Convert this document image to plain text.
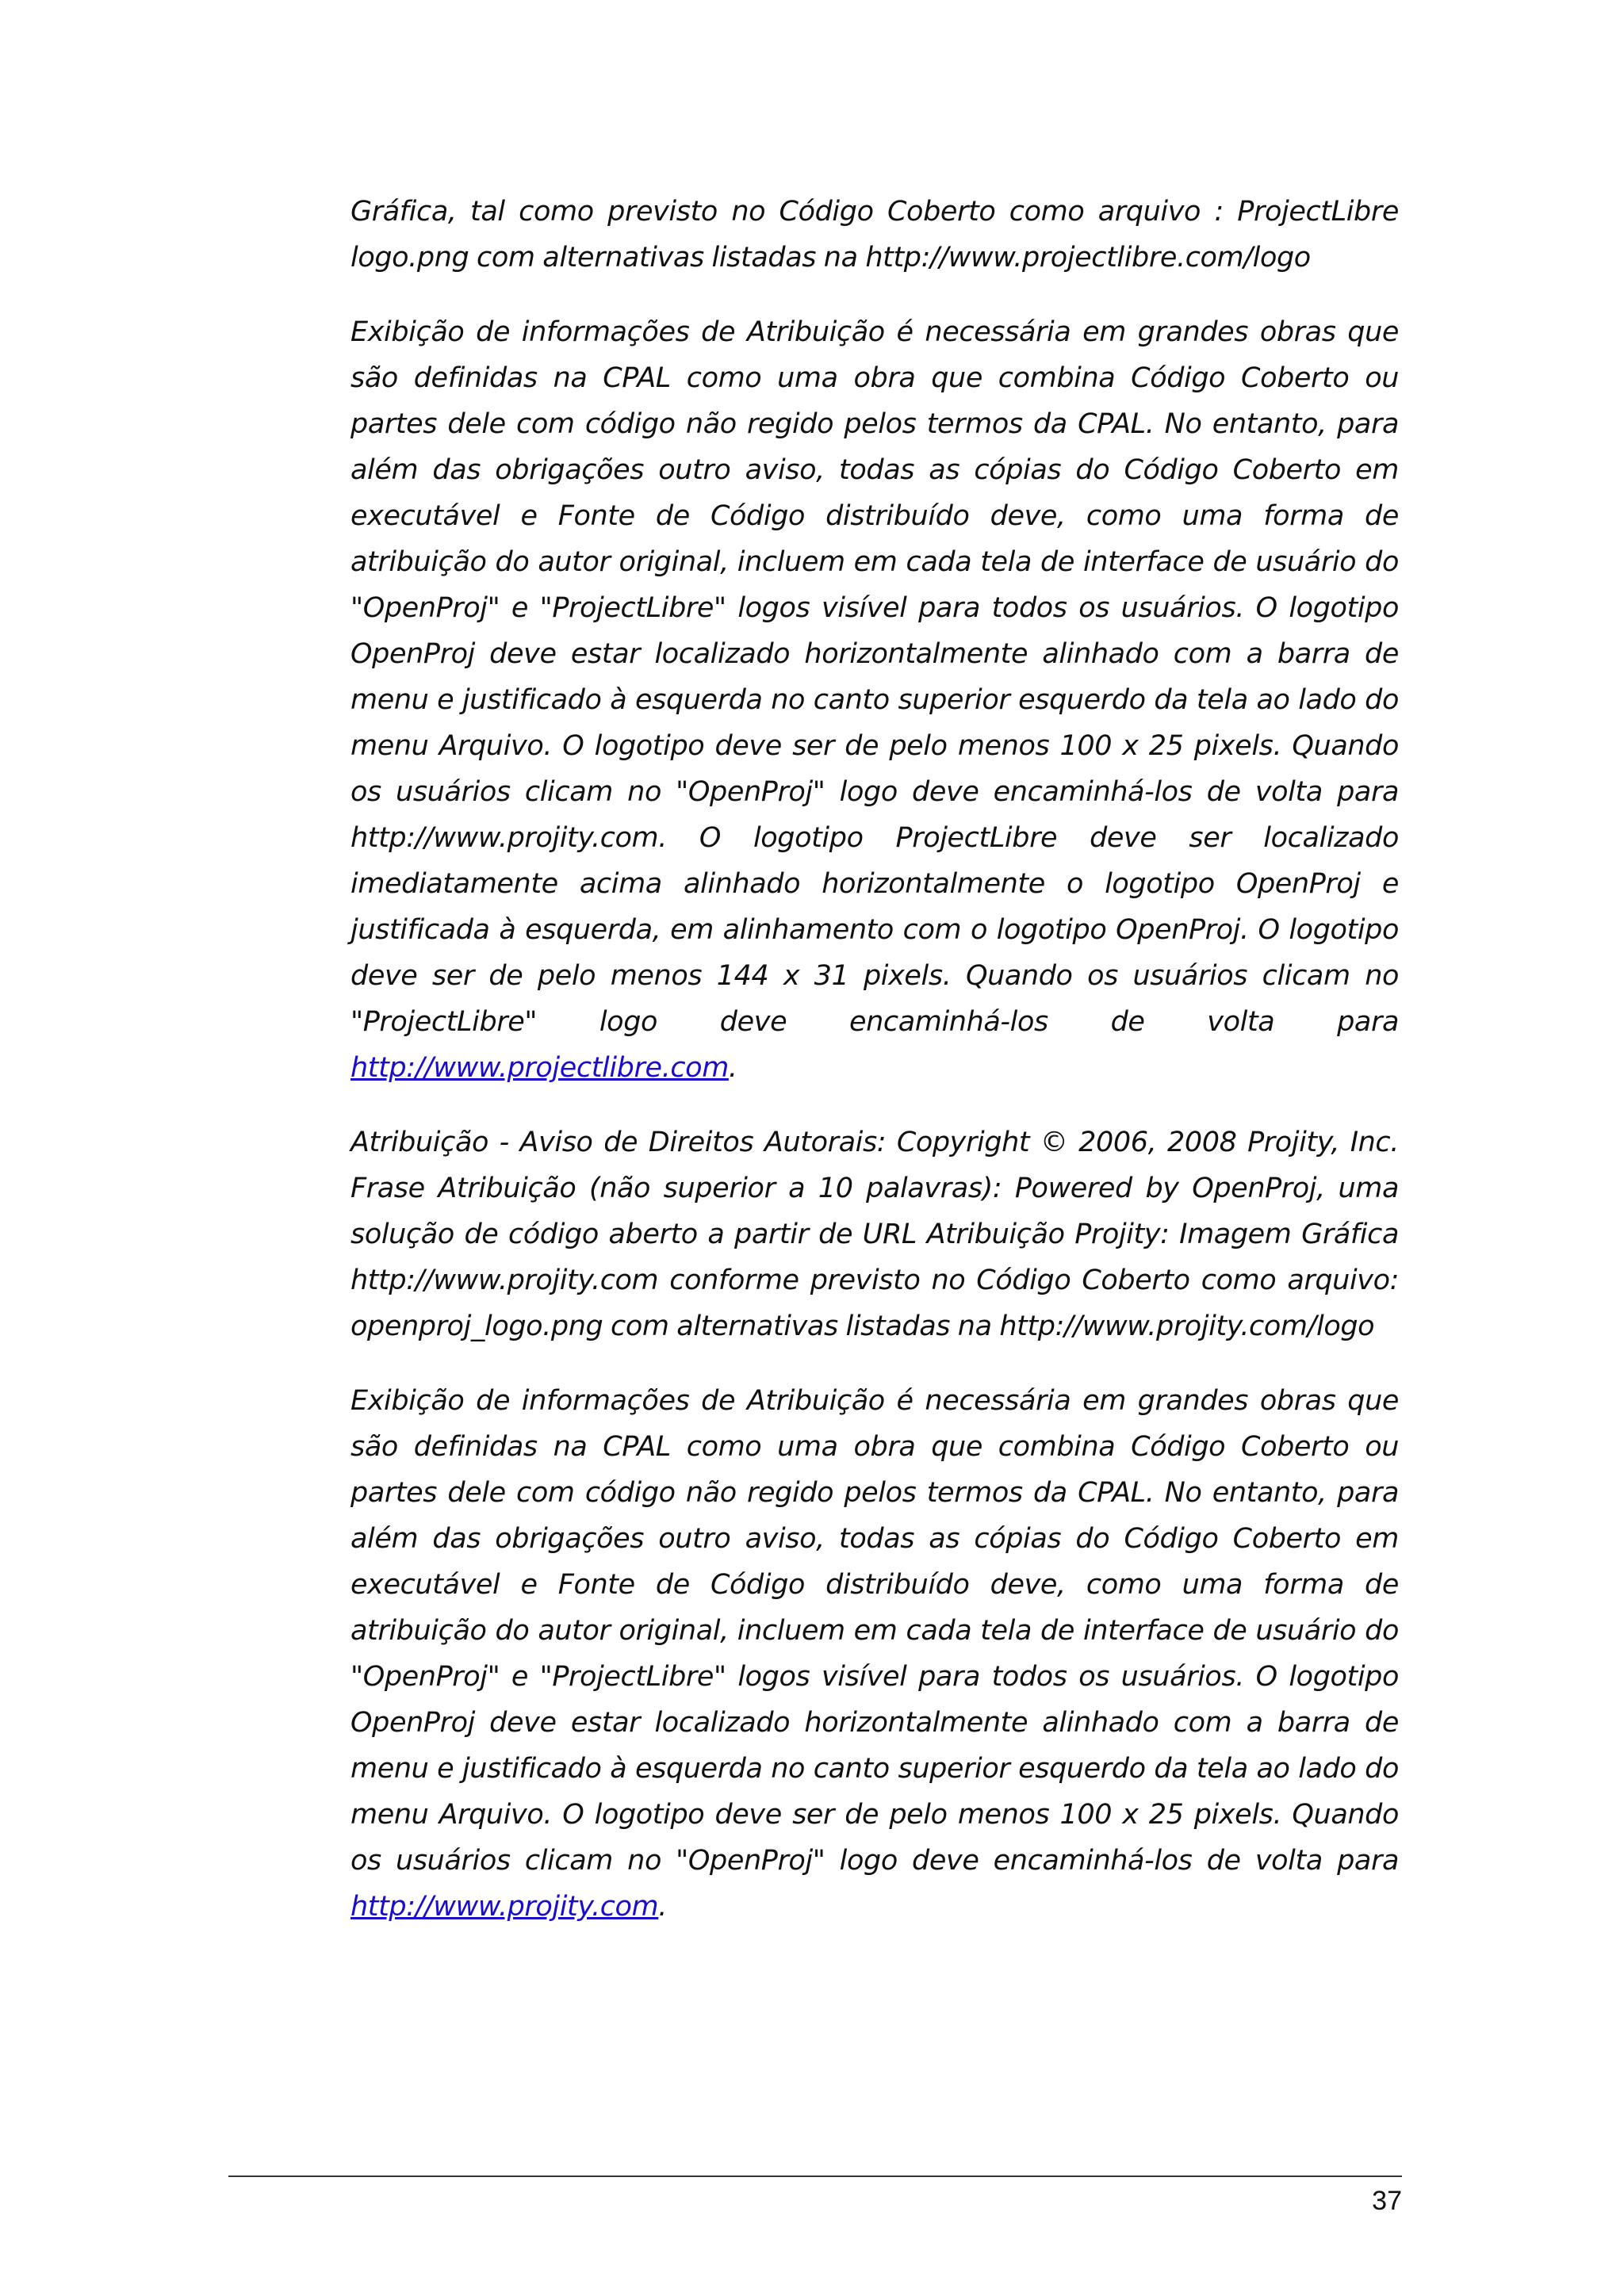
Gráfica, tal como previsto no Código Coberto como arquivo : ProjectLibre logo.png com alternativas listadas na http://www.projectlibre.com/logo

Exibição de informações de Atribuição é necessária em grandes obras que são definidas na CPAL como uma obra que combina Código Coberto ou partes dele com código não regido pelos termos da CPAL. No entanto, para além das obrigações outro aviso, todas as cópias do Código Coberto em executável e Fonte de Código distribuído deve, como uma forma de atribuição do autor original, incluem em cada tela de interface de usuário do "OpenProj" e "ProjectLibre" logos visível para todos os usuários. O logotipo OpenProj deve estar localizado horizontalmente alinhado com a barra de menu e justificado à esquerda no canto superior esquerdo da tela ao lado do menu Arquivo. O logotipo deve ser de pelo menos 100 x 25 pixels. Quando os usuários clicam no "OpenProj" logo deve encaminhá-los de volta para http://www.projity.com. O logotipo ProjectLibre deve ser localizado imediatamente acima alinhado horizontalmente o logotipo OpenProj e justificada à esquerda, em alinhamento com o logotipo OpenProj. O logotipo deve ser de pelo menos 144 x 31 pixels. Quando os usuários clicam no "ProjectLibre" logo deve encaminhá-los de volta para http://www.projectlibre.com.

Atribuição - Aviso de Direitos Autorais: Copyright © 2006, 2008 Projity, Inc. Frase Atribuição (não superior a 10 palavras): Powered by OpenProj, uma solução de código aberto a partir de URL Atribuição Projity: Imagem Gráfica http://www.projity.com conforme previsto no Código Coberto como arquivo: openproj_logo.png com alternativas listadas na http://www.projity.com/logo

Exibição de informações de Atribuição é necessária em grandes obras que são definidas na CPAL como uma obra que combina Código Coberto ou partes dele com código não regido pelos termos da CPAL. No entanto, para além das obrigações outro aviso, todas as cópias do Código Coberto em executável e Fonte de Código distribuído deve, como uma forma de atribuição do autor original, incluem em cada tela de interface de usuário do "OpenProj" e "ProjectLibre" logos visível para todos os usuários. O logotipo OpenProj deve estar localizado horizontalmente alinhado com a barra de menu e justificado à esquerda no canto superior esquerdo da tela ao lado do menu Arquivo. O logotipo deve ser de pelo menos 100 x 25 pixels. Quando os usuários clicam no "OpenProj" logo deve encaminhá-los de volta para http://www.projity.com.

37
